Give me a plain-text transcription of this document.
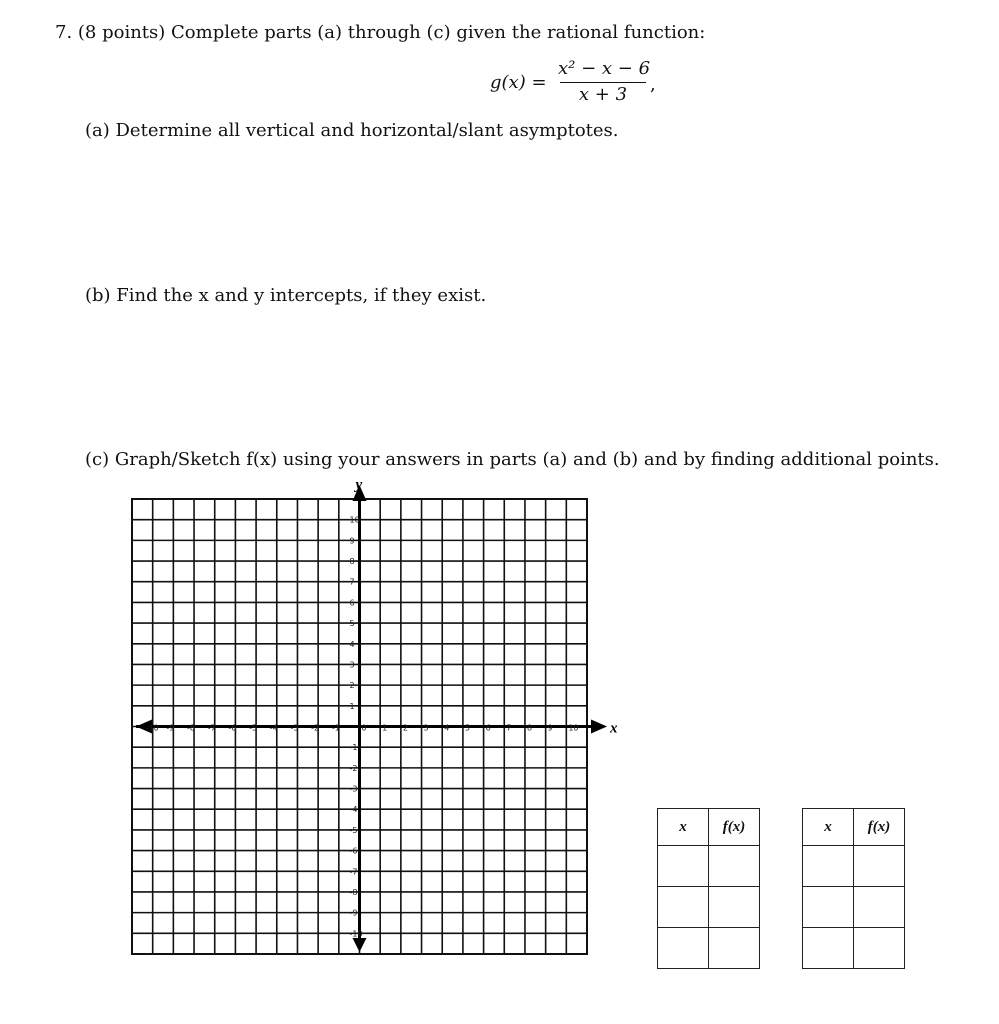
7. (8 points) Complete parts (a) through (c) given the rational function:
g(x) =
x² − x − 6
x + 3	,
(a) Determine all vertical and horizontal/slant asymptotes.
(b) Find the x and y intercepts, if they exist.
(c) Graph/Sketch f(x) using your answers in parts (a) and (b) and by finding additional points.
x
y
-10 -9 -8 -7 -6 -5 -4 -3 -2 -1	0 1 2 3 4 5 6 7 8 9 10
10
9
8
7
6
5
4
3
2
1
-1
-2
-3
-4
-5
-6
-7
-8
-9
-10
x	f(x)

		x	f(x)
